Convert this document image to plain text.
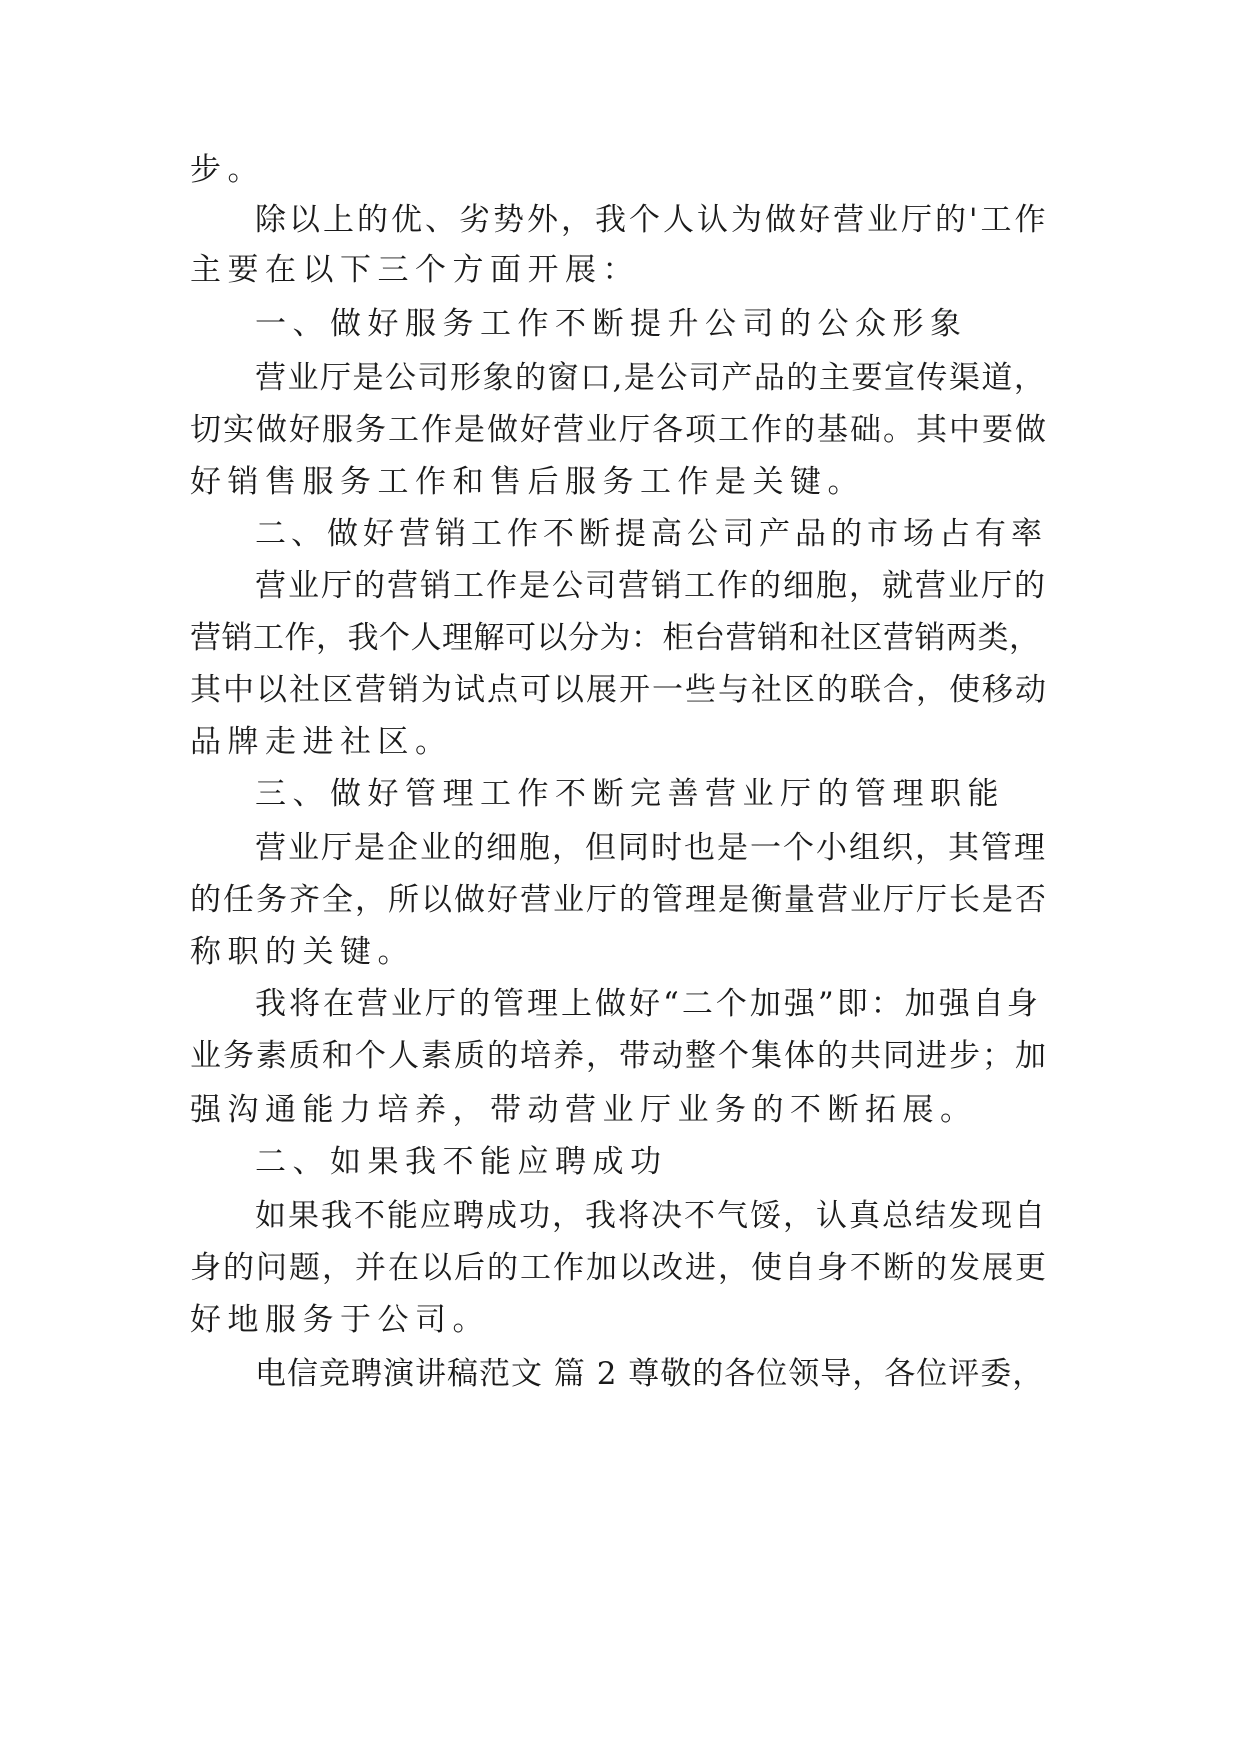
步。
除以上的优、劣势外，我个人认为做好营业厅的'工作
主要在以下三个方面开展：
一、做好服务工作不断提升公司的公众形象
营业厅是公司形象的窗口,是公司产品的主要宣传渠道，
切实做好服务工作是做好营业厅各项工作的基础。其中要做
好销售服务工作和售后服务工作是关键。
二、做好营销工作不断提高公司产品的市场占有率
营业厅的营销工作是公司营销工作的细胞，就营业厅的
营销工作，我个人理解可以分为：柜台营销和社区营销两类，
其中以社区营销为试点可以展开一些与社区的联合，使移动
品牌走进社区。
三、做好管理工作不断完善营业厅的管理职能
营业厅是企业的细胞，但同时也是一个小组织，其管理
的任务齐全，所以做好营业厅的管理是衡量营业厅厅长是否
称职的关键。
我将在营业厅的管理上做好“二个加强”即：加强自身
业务素质和个人素质的培养，带动整个集体的共同进步；加
强沟通能力培养，带动营业厅业务的不断拓展。
二、如果我不能应聘成功
如果我不能应聘成功，我将决不气馁，认真总结发现自
身的问题，并在以后的工作加以改进，使自身不断的发展更
好地服务于公司。
电信竞聘演讲稿范文 篇 2 尊敬的各位领导，各位评委，
